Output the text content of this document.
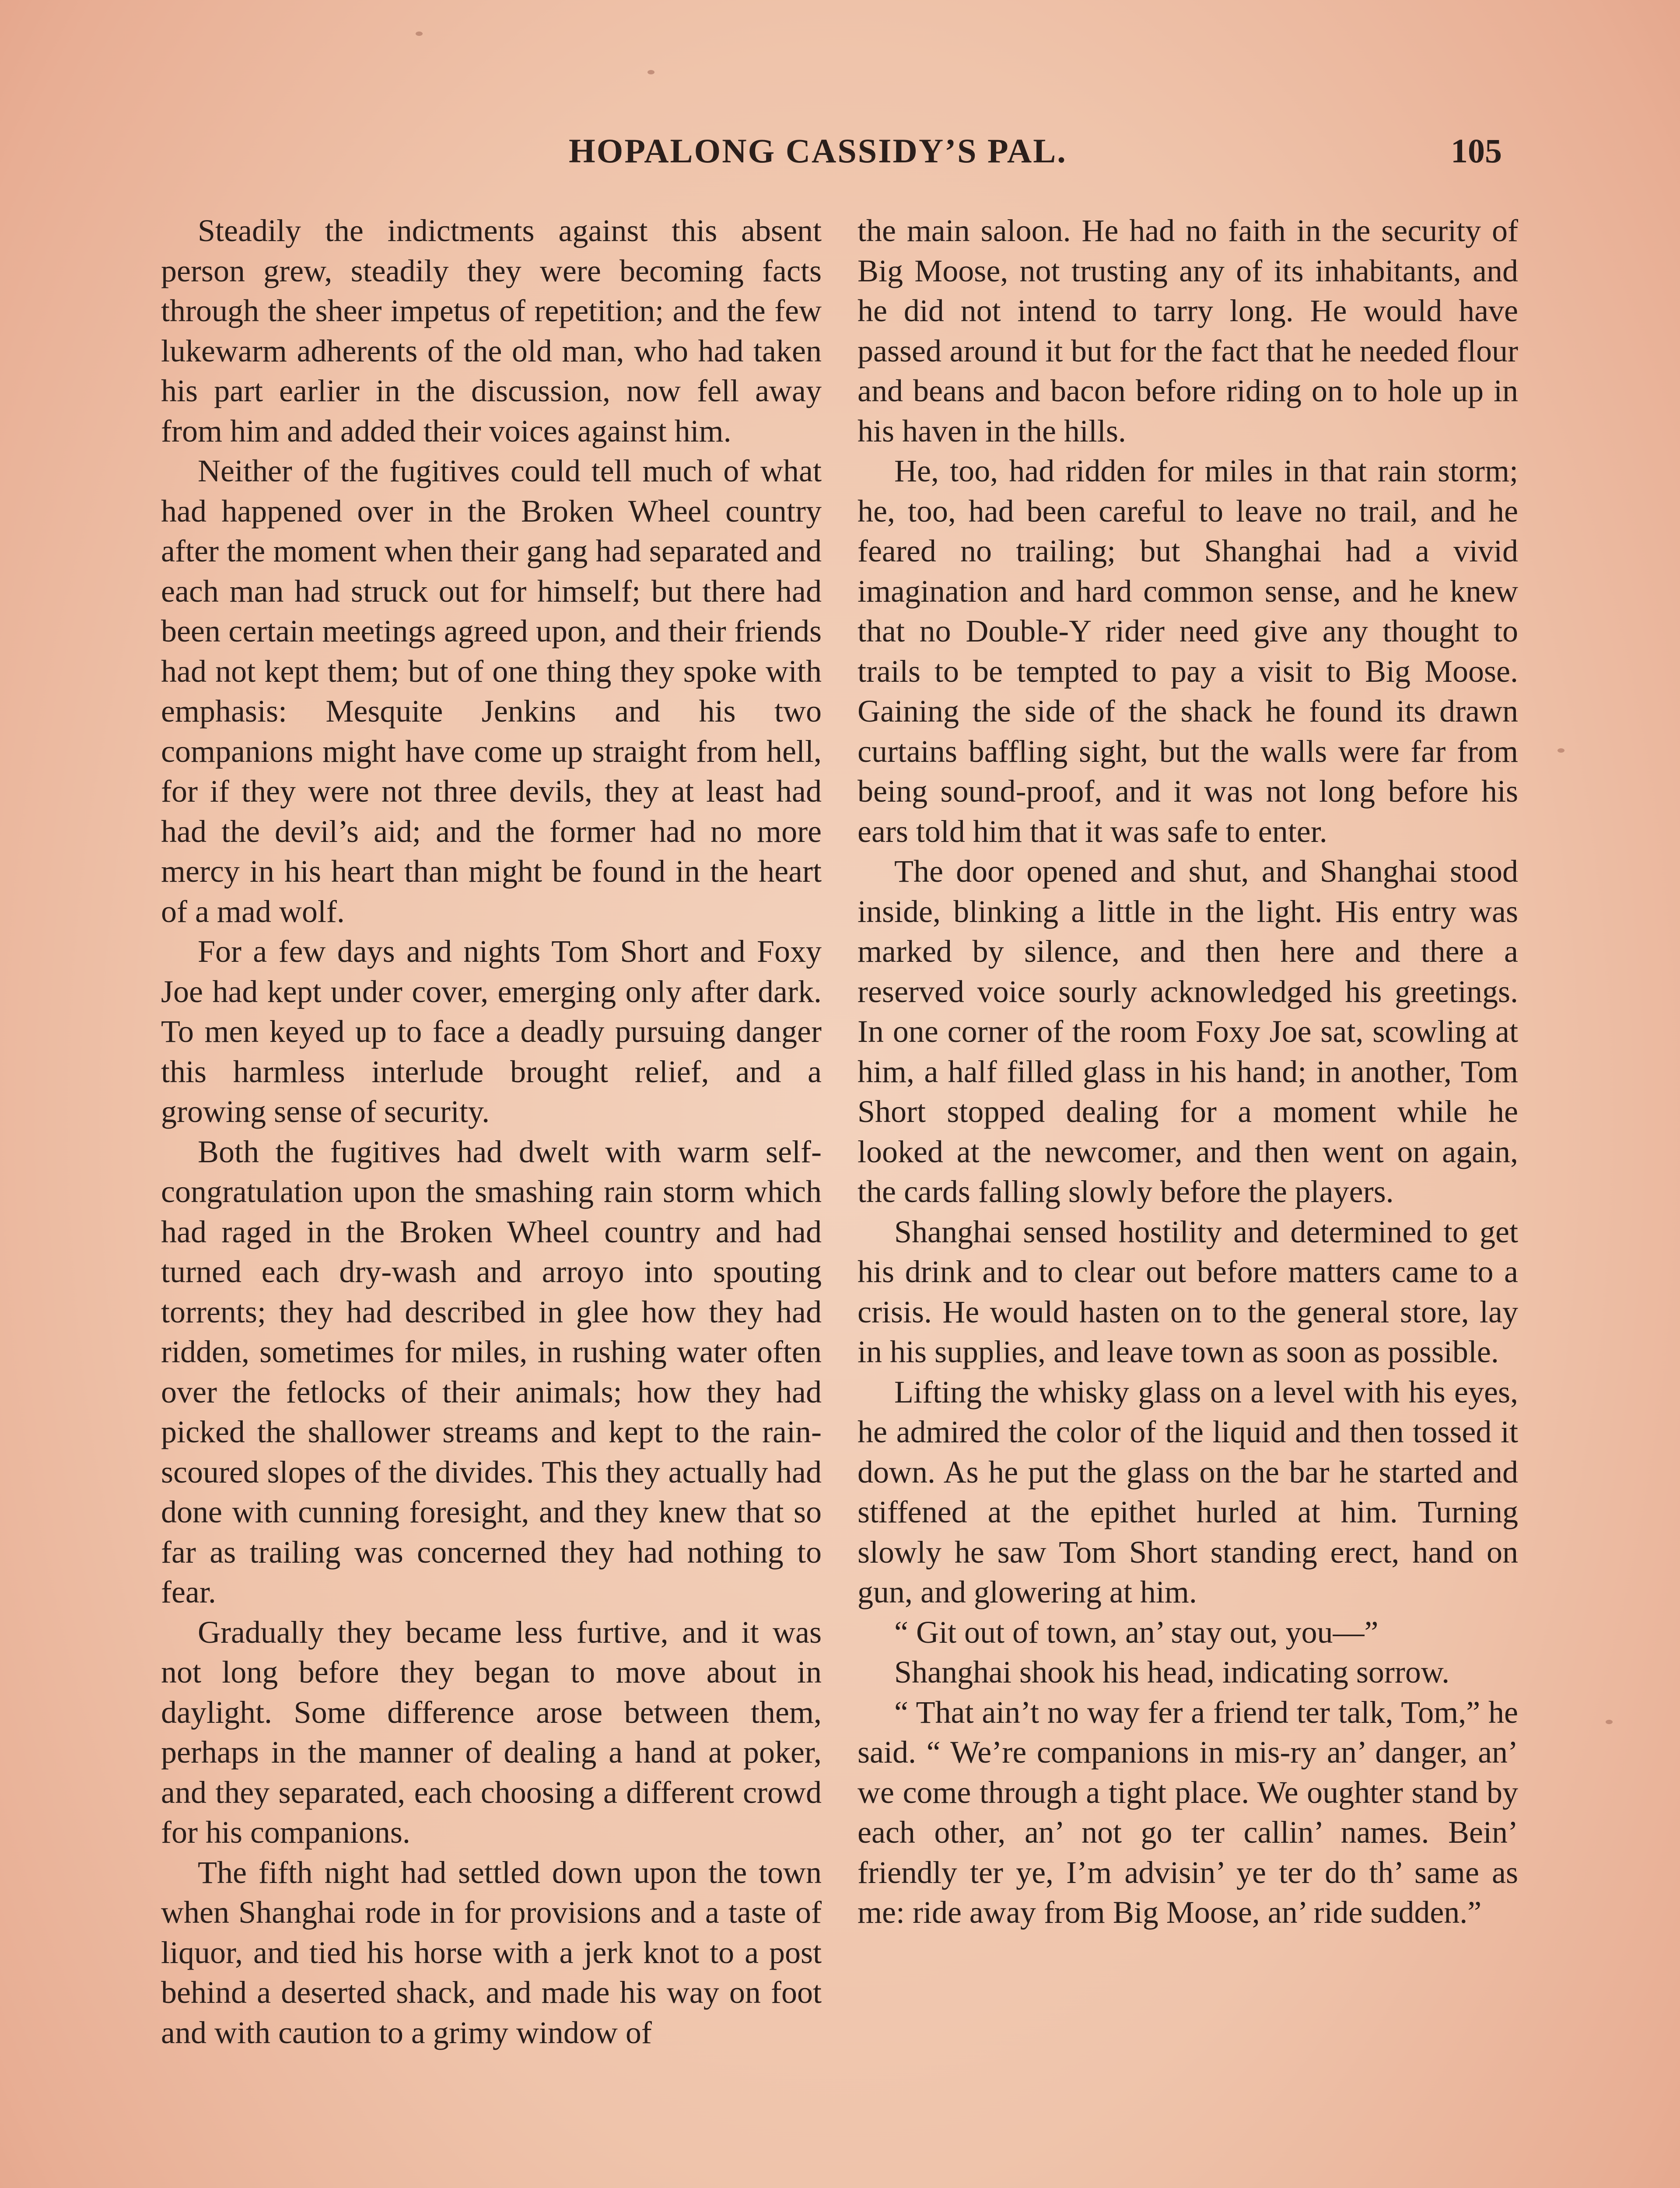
HOPALONG CASSIDY’S PAL.	105

Steadily the indictments against this absent person grew, steadily they were becoming facts through the sheer impetus of repetition; and the few lukewarm adherents of the old man, who had taken his part earlier in the discussion, now fell away from him and added their voices against him.

Neither of the fugitives could tell much of what had happened over in the Broken Wheel country after the moment when their gang had separated and each man had struck out for himself; but there had been certain meetings agreed upon, and their friends had not kept them; but of one thing they spoke with emphasis: Mesquite Jenkins and his two companions might have come up straight from hell, for if they were not three devils, they at least had had the devil’s aid; and the former had no more mercy in his heart than might be found in the heart of a mad wolf.

For a few days and nights Tom Short and Foxy Joe had kept under cover, emerging only after dark. To men keyed up to face a deadly pursuing danger this harmless interlude brought relief, and a growing sense of security.

Both the fugitives had dwelt with warm self-congratulation upon the smashing rain storm which had raged in the Broken Wheel country and had turned each dry-wash and arroyo into spouting torrents; they had described in glee how they had ridden, sometimes for miles, in rushing water often over the fetlocks of their animals; how they had picked the shallower streams and kept to the rain-scoured slopes of the divides. This they actually had done with cunning foresight, and they knew that so far as trailing was concerned they had nothing to fear.

Gradually they became less furtive, and it was not long before they began to move about in daylight. Some difference arose between them, perhaps in the manner of dealing a hand at poker, and they separated, each choosing a different crowd for his companions.

The fifth night had settled down upon the town when Shanghai rode in for provisions and a taste of liquor, and tied his horse with a jerk knot to a post behind a deserted shack, and made his way on foot and with caution to a grimy window of

the main saloon. He had no faith in the security of Big Moose, not trusting any of its inhabitants, and he did not intend to tarry long. He would have passed around it but for the fact that he needed flour and beans and bacon before riding on to hole up in his haven in the hills.

He, too, had ridden for miles in that rain storm; he, too, had been careful to leave no trail, and he feared no trailing; but Shanghai had a vivid imagination and hard common sense, and he knew that no Double-Y rider need give any thought to trails to be tempted to pay a visit to Big Moose. Gaining the side of the shack he found its drawn curtains baffling sight, but the walls were far from being sound-proof, and it was not long before his ears told him that it was safe to enter.

The door opened and shut, and Shanghai stood inside, blinking a little in the light. His entry was marked by silence, and then here and there a reserved voice sourly acknowledged his greetings. In one corner of the room Foxy Joe sat, scowling at him, a half filled glass in his hand; in another, Tom Short stopped dealing for a moment while he looked at the newcomer, and then went on again, the cards falling slowly before the players.

Shanghai sensed hostility and determined to get his drink and to clear out before matters came to a crisis. He would hasten on to the general store, lay in his supplies, and leave town as soon as possible.

Lifting the whisky glass on a level with his eyes, he admired the color of the liquid and then tossed it down. As he put the glass on the bar he started and stiffened at the epithet hurled at him. Turning slowly he saw Tom Short standing erect, hand on gun, and glowering at him.

“ Git out of town, an’ stay out, you—”

Shanghai shook his head, indicating sorrow.

“ That ain’t no way fer a friend ter talk, Tom,” he said. “ We’re companions in mis-ry an’ danger, an’ we come through a tight place. We oughter stand by each other, an’ not go ter callin’ names. Bein’ friendly ter ye, I’m advisin’ ye ter do th’ same as me: ride away from Big Moose, an’ ride sudden.”
